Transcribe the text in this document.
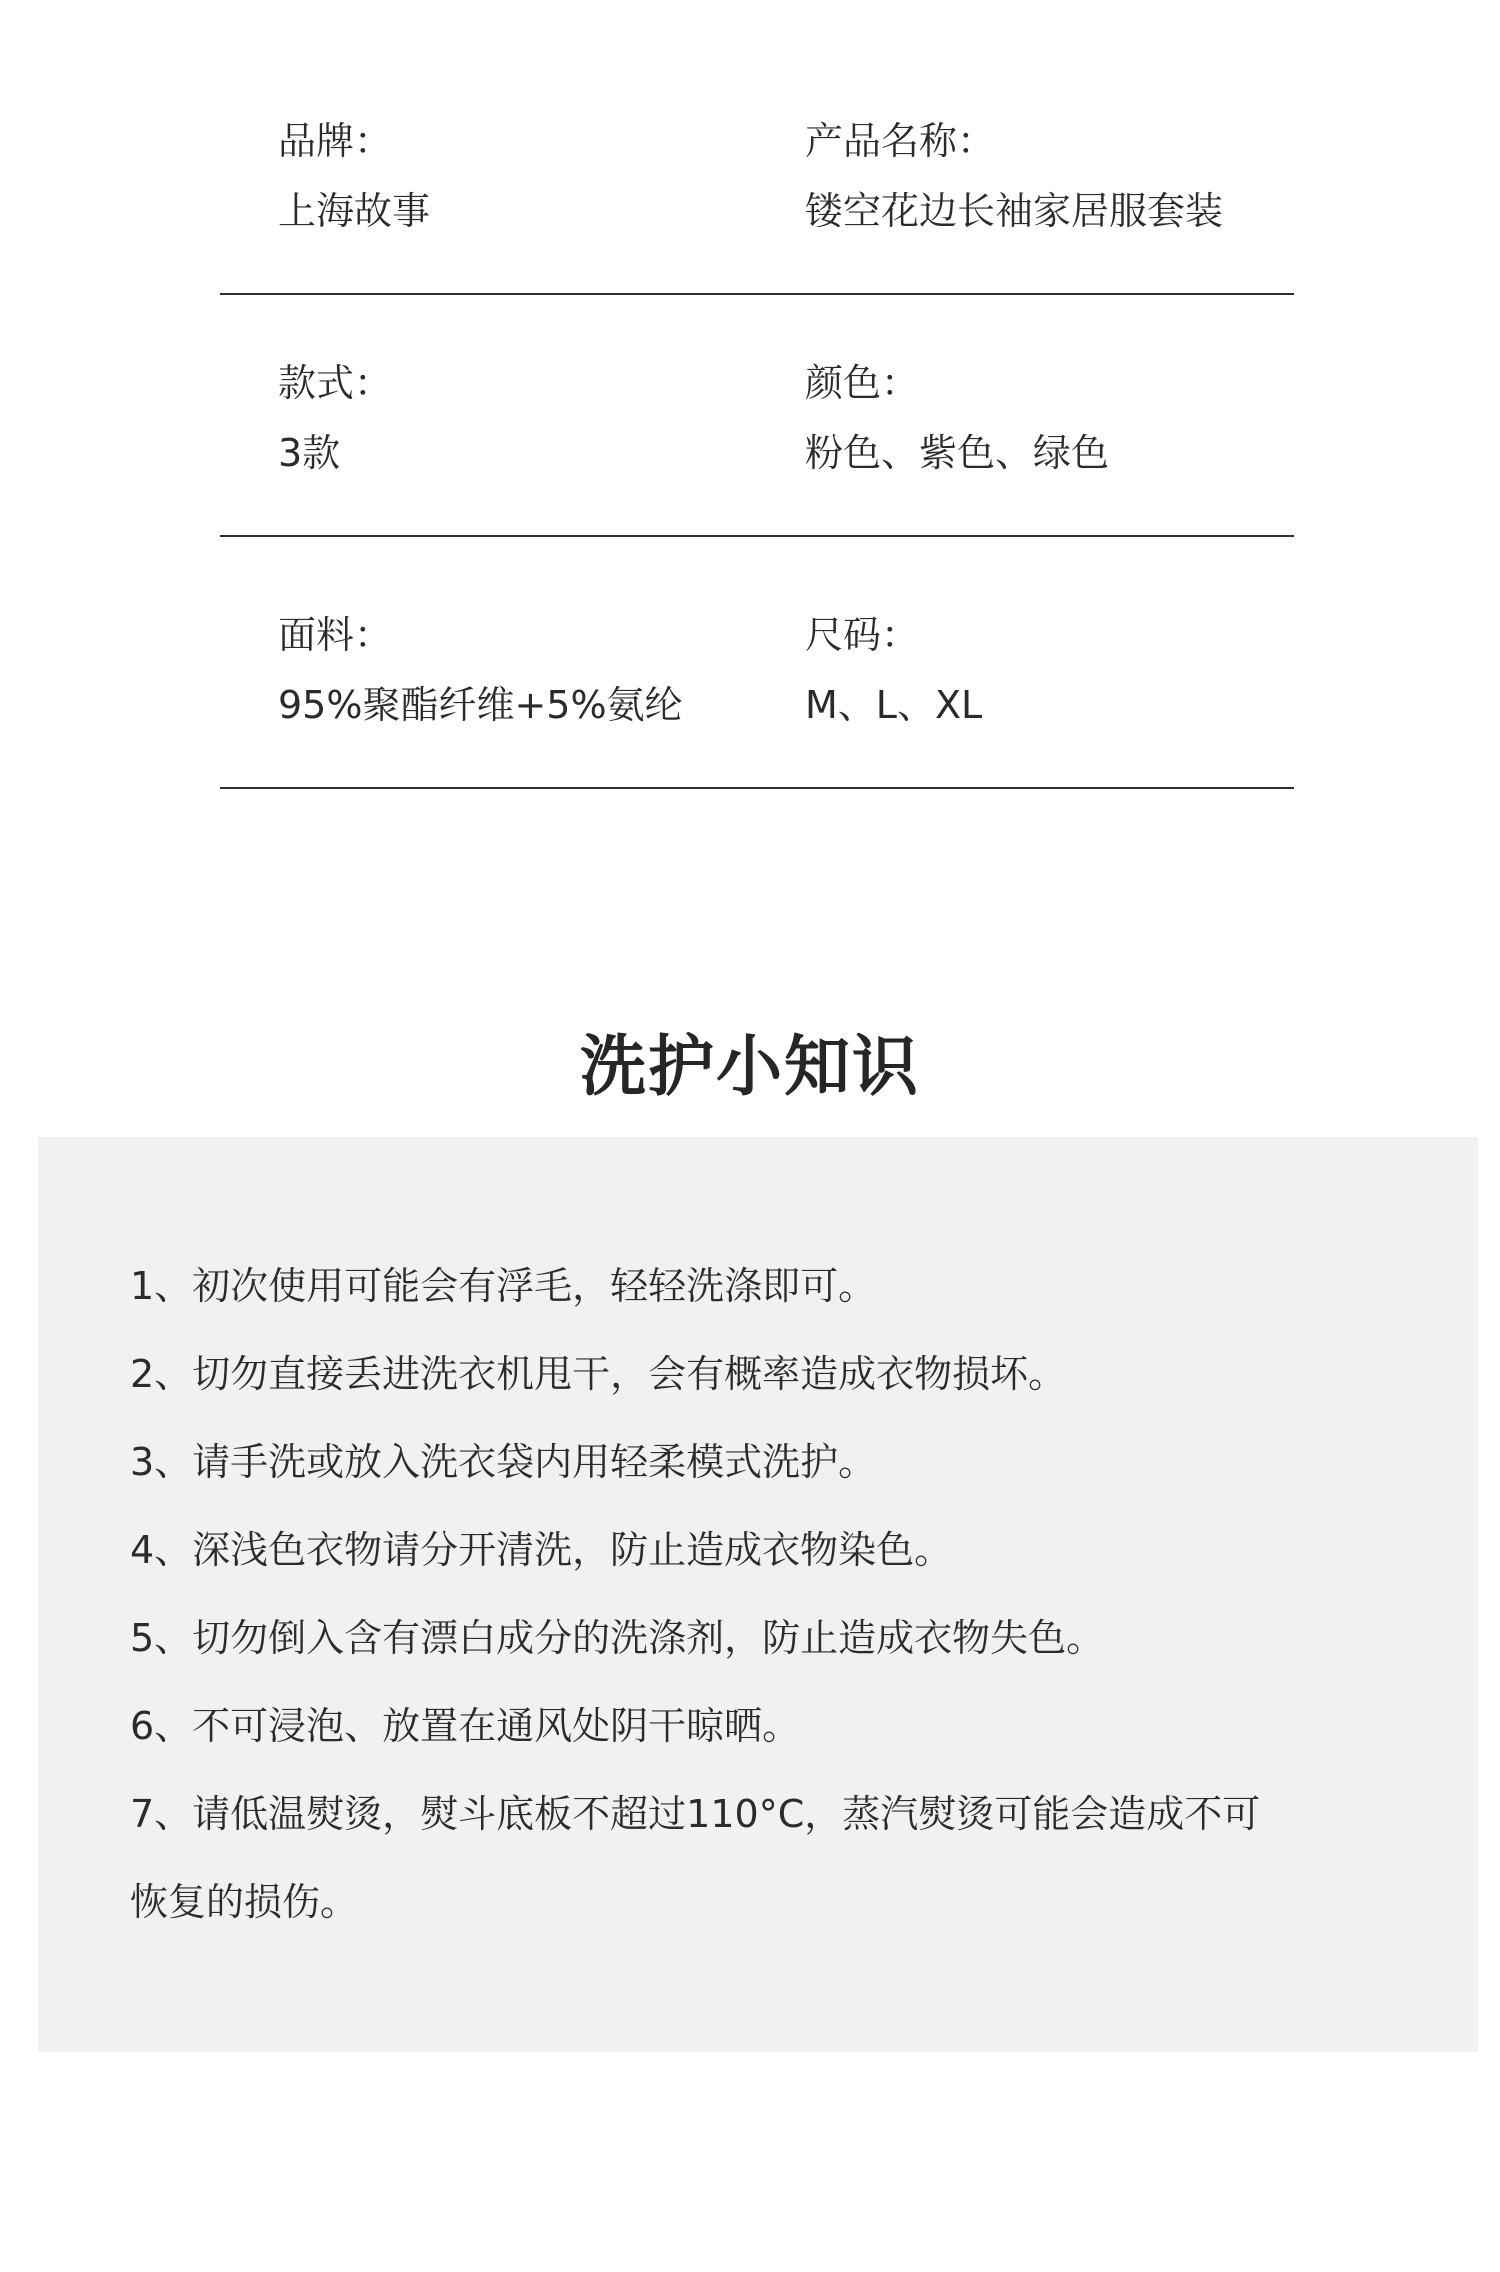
品牌：
上海故事
产品名称：
镂空花边长袖家居服套装
款式：
3款
颜色：
粉色、紫色、绿色
面料：
95%聚酯纤维+5%氨纶
尺码：
M、L、XL
洗护小知识
1、初次使用可能会有浮毛，轻轻洗涤即可。
2、切勿直接丢进洗衣机甩干，会有概率造成衣物损坏。
3、请手洗或放入洗衣袋内用轻柔模式洗护。
4、深浅色衣物请分开清洗，防止造成衣物染色。
5、切勿倒入含有漂白成分的洗涤剂，防止造成衣物失色。
6、不可浸泡、放置在通风处阴干晾晒。
7、请低温熨烫，熨斗底板不超过110°C，蒸汽熨烫可能会造成不可恢复的损伤。
